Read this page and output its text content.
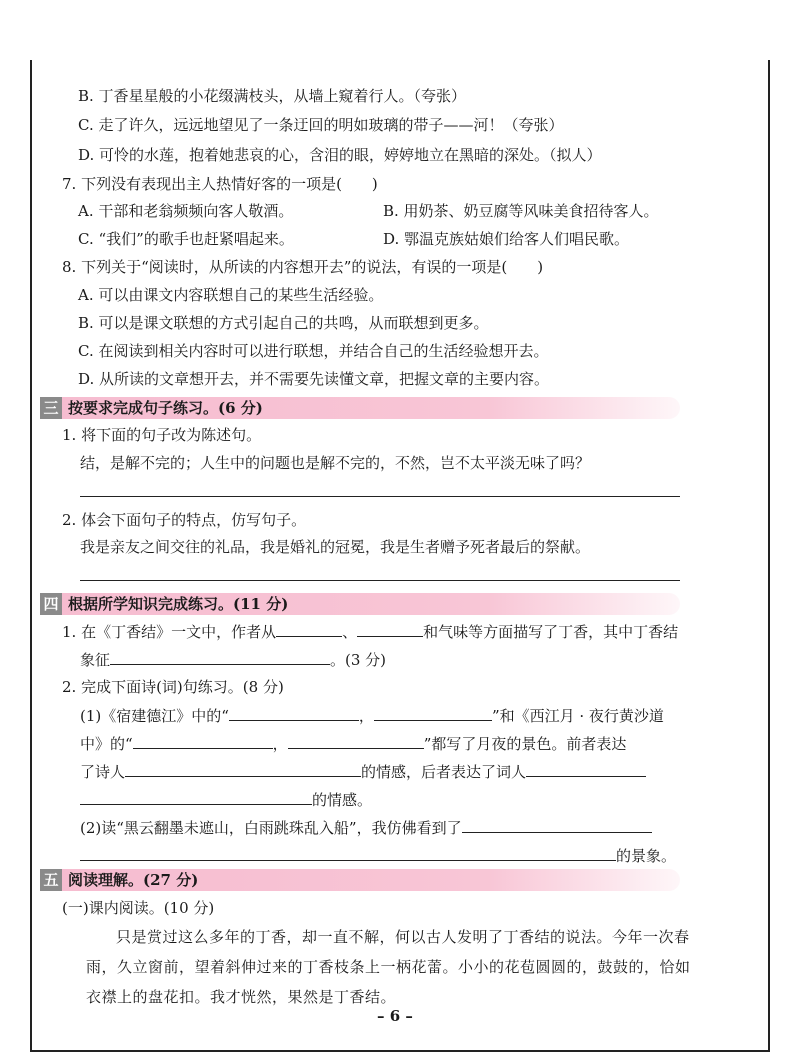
B. 丁香星星般的小花缀满枝头，从墙上窥着行人。（夸张）
C. 走了许久，远远地望见了一条迂回的明如玻璃的带子——河！（夸张）
D. 可怜的水莲，抱着她悲哀的心，含泪的眼，婷婷地立在黑暗的深处。（拟人）
7. 下列没有表现出主人热情好客的一项是(　　)
A. 干部和老翁频频向客人敬酒。	B. 用奶茶、奶豆腐等风味美食招待客人。
C. “我们”的歌手也赶紧唱起来。	D. 鄂温克族姑娘们给客人们唱民歌。
8. 下列关于“阅读时，从所读的内容想开去”的说法，有误的一项是(　　)
A. 可以由课文内容联想自己的某些生活经验。
B. 可以是课文联想的方式引起自己的共鸣，从而联想到更多。
C. 在阅读到相关内容时可以进行联想，并结合自己的生活经验想开去。
D. 从所读的文章想开去，并不需要先读懂文章，把握文章的主要内容。
三 按要求完成句子练习。(6 分)
1. 将下面的句子改为陈述句。
结，是解不完的；人生中的问题也是解不完的，不然，岂不太平淡无味了吗？
2. 体会下面句子的特点，仿写句子。
我是亲友之间交往的礼品，我是婚礼的冠冕，我是生者赠予死者最后的祭献。
四 根据所学知识完成练习。(11 分)
1. 在《丁香结》一文中，作者从	、	和气味等方面描写了丁香，其中丁香结
象征	。(3 分)
2. 完成下面诗(词)句练习。(8 分)
(1)《宿建德江》中的“	，	”和《西江月 · 夜行黄沙道
中》的“	，	”都写了月夜的景色。前者表达
了诗人	的情感，后者表达了词人
的情感。
(2)读“黑云翻墨未遮山，白雨跳珠乱入船”，我仿佛看到了
的景象。
五 阅读理解。(27 分)
(一)课内阅读。(10 分)
只是赏过这么多年的丁香，却一直不解，何以古人发明了丁香结的说法。今年一次春雨，久立窗前，望着斜伸过来的丁香枝条上一柄花蕾。小小的花苞圆圆的，鼓鼓的，恰如衣襟上的盘花扣。我才恍然，果然是丁香结。
– 6 –
